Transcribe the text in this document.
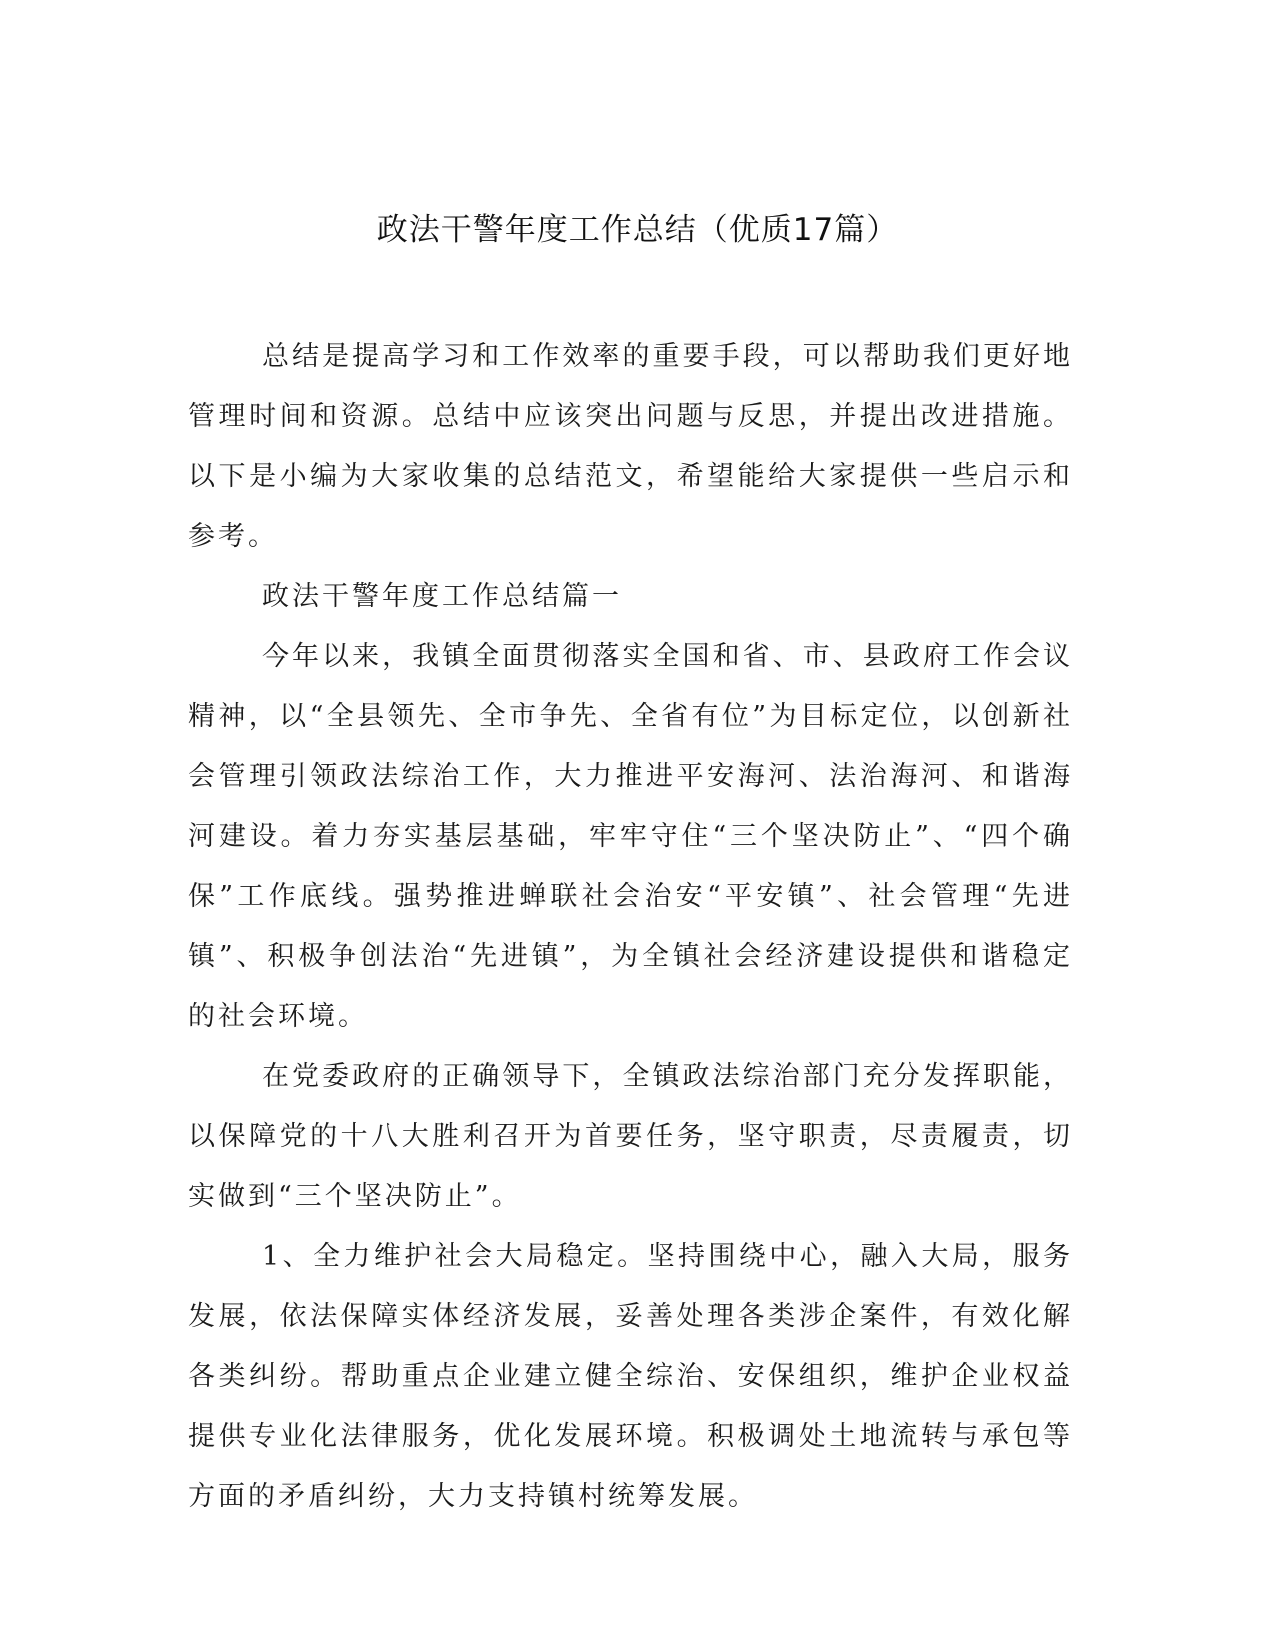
政法干警年度工作总结（优质17篇）

总结是提高学习和工作效率的重要手段，可以帮助我们更好地管理时间和资源。总结中应该突出问题与反思，并提出改进措施。以下是小编为大家收集的总结范文，希望能给大家提供一些启示和参考。

政法干警年度工作总结篇一

今年以来，我镇全面贯彻落实全国和省、市、县政府工作会议精神，以“全县领先、全市争先、全省有位”为目标定位，以创新社会管理引领政法综治工作，大力推进平安海河、法治海河、和谐海河建设。着力夯实基层基础，牢牢守住“三个坚决防止”、“四个确保”工作底线。强势推进蝉联社会治安“平安镇”、社会管理“先进镇”、积极争创法治“先进镇”，为全镇社会经济建设提供和谐稳定的社会环境。

在党委政府的正确领导下，全镇政法综治部门充分发挥职能，以保障党的十八大胜利召开为首要任务，坚守职责，尽责履责，切实做到“三个坚决防止”。

1、全力维护社会大局稳定。坚持围绕中心，融入大局，服务发展，依法保障实体经济发展，妥善处理各类涉企案件，有效化解各类纠纷。帮助重点企业建立健全综治、安保组织，维护企业权益提供专业化法律服务，优化发展环境。积极调处土地流转与承包等方面的矛盾纠纷，大力支持镇村统筹发展。
